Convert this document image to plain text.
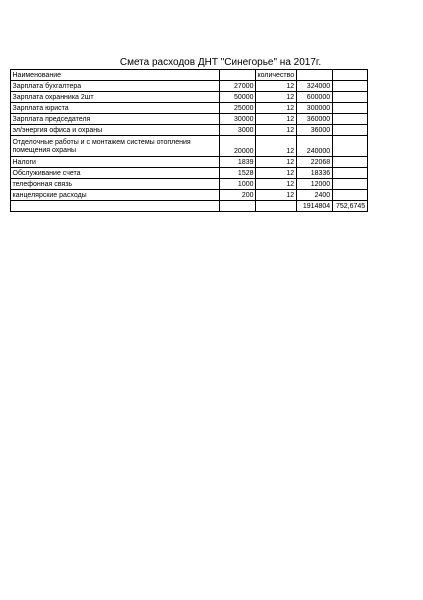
Смета расходов ДНТ "Синегорье" на 2017г.
Наименование		количество		
Зарплата бухгалтера	27000	12	324000	
Зарплата охранника 2шт	50000	12	600000	
Зарплата юриста	25000	12	300000	
Зарплата председателя	30000	12	360000	
эл/энергия офиса и охраны	3000	12	36000	
Отделочные работы и с монтажем системы отопления помещения охраны	20000	12	240000	
Налоги	1839	12	22068	
Обслуживание счета	1528	12	18336	
телефонная связь	1000	12	12000	
канцелярские расходы	200	12	2400	
			1914804	752,6745
